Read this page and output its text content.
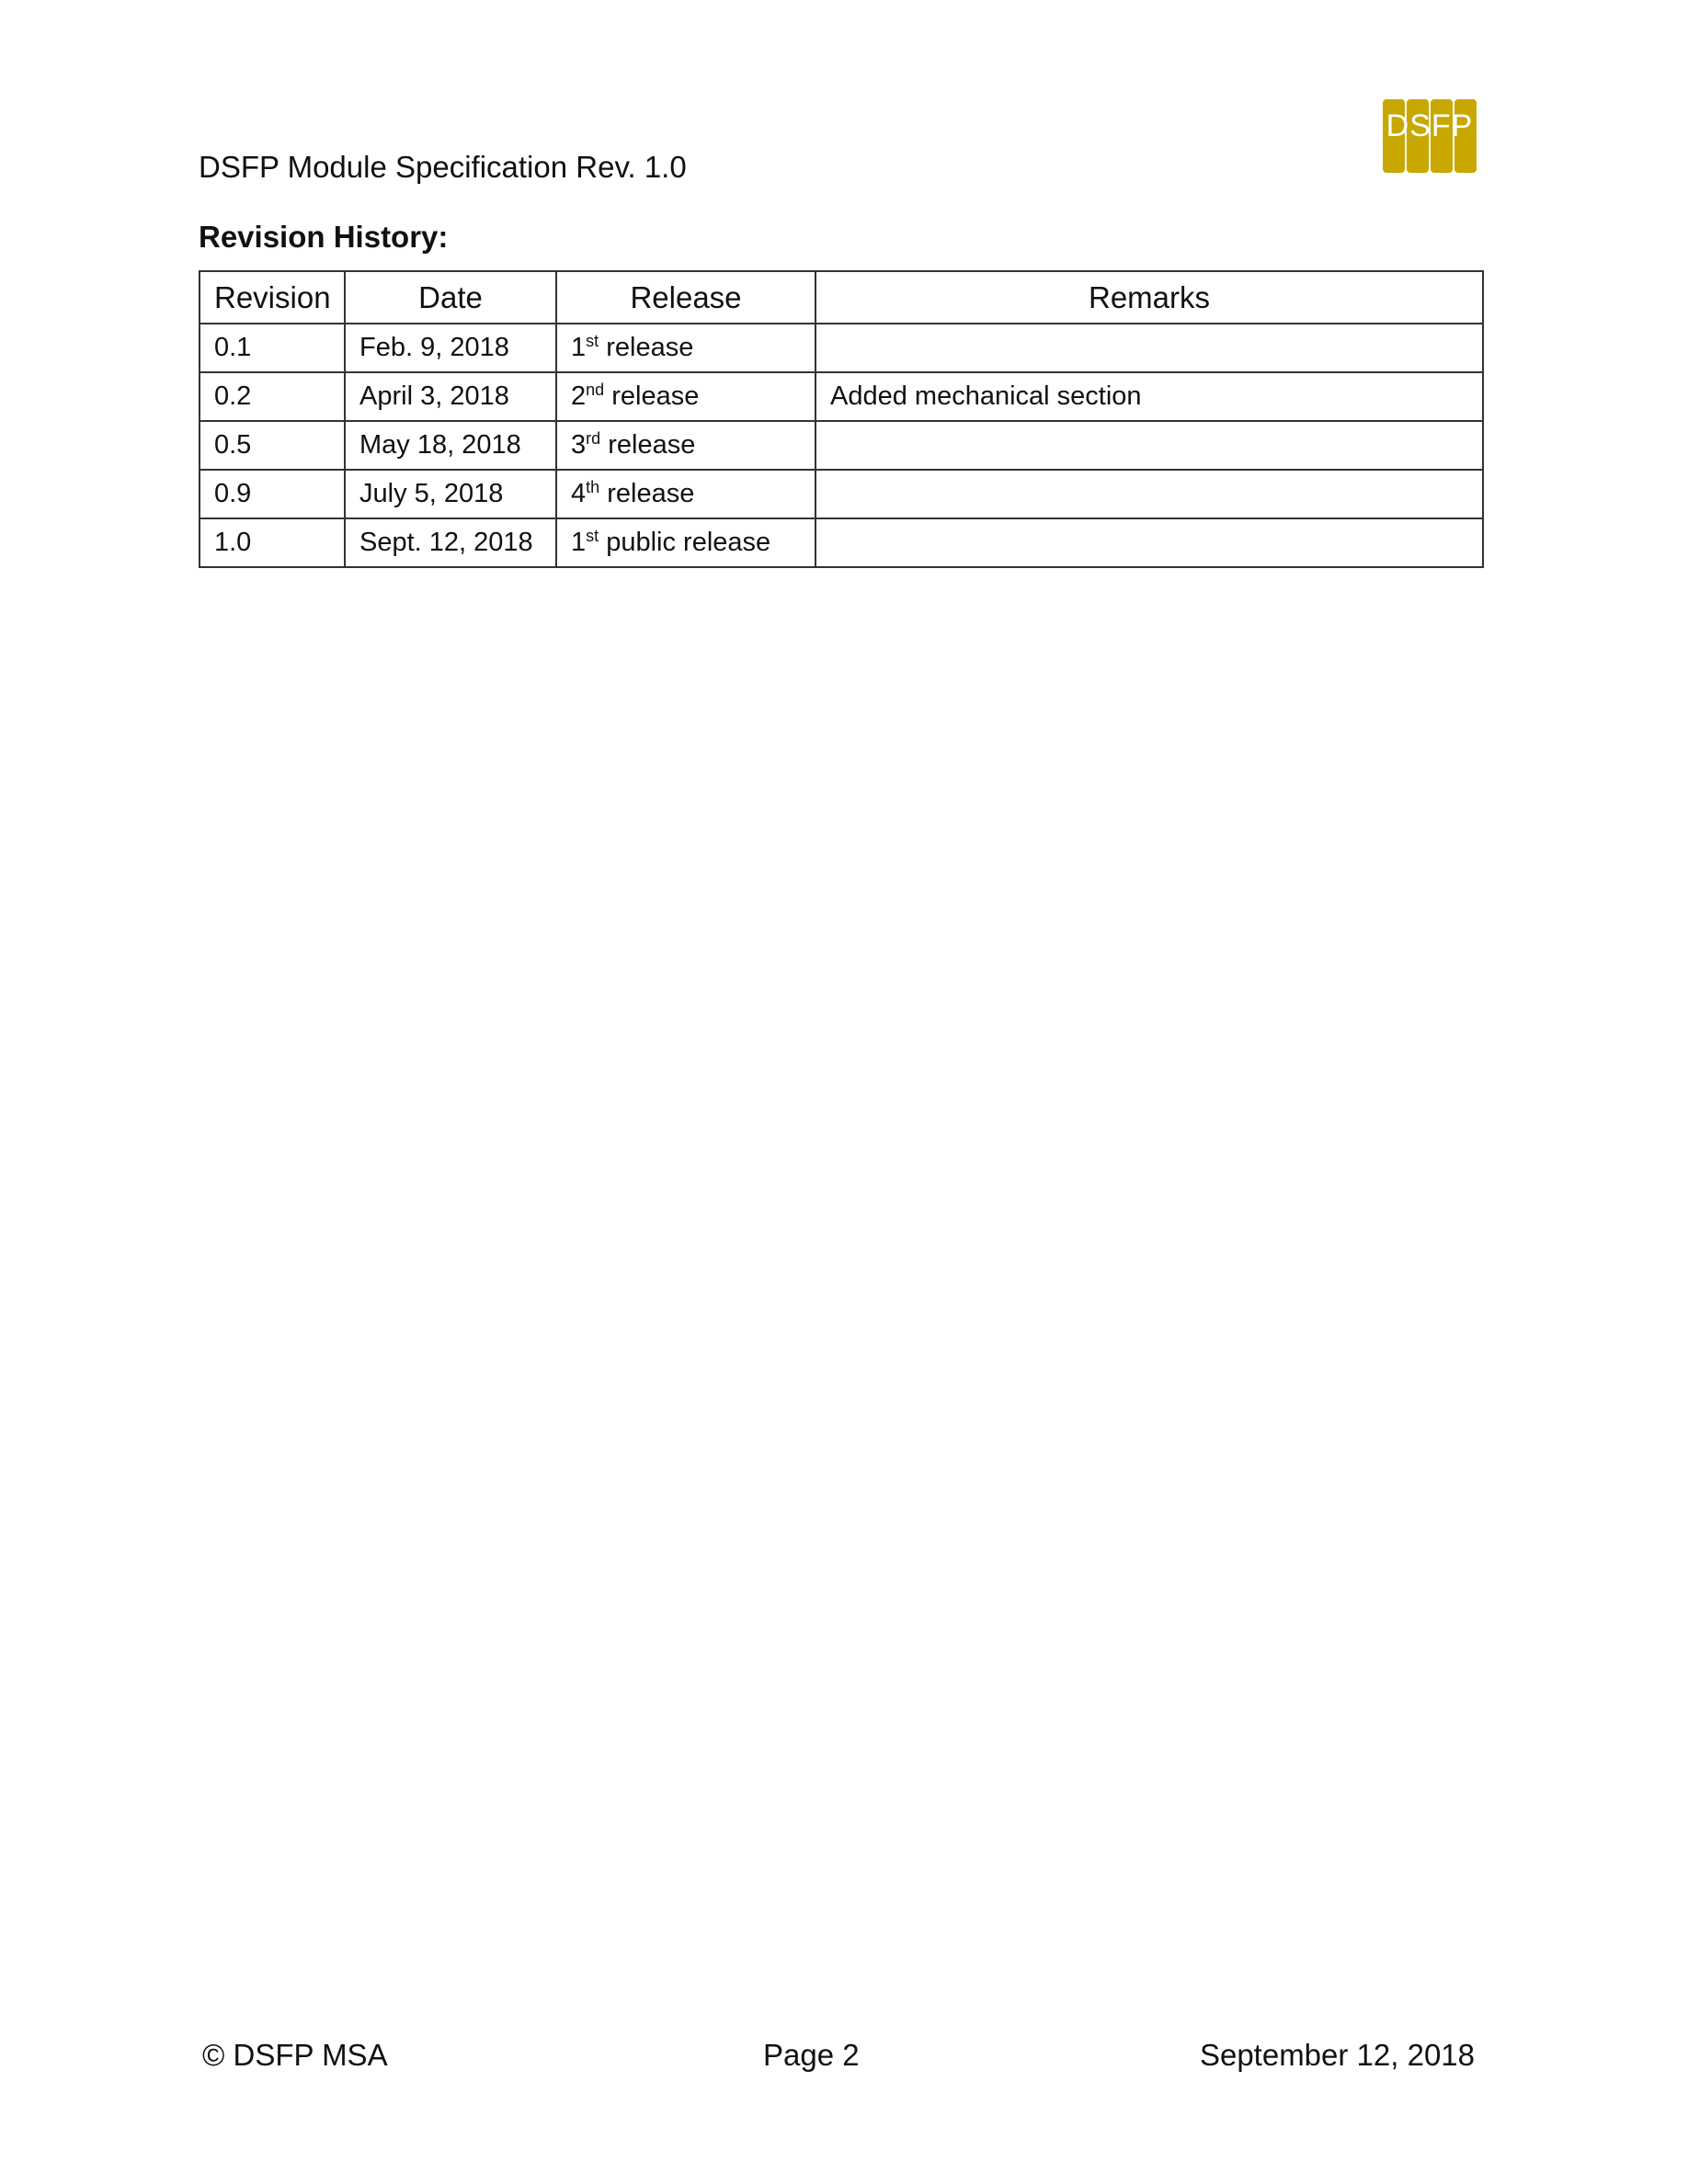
DSFP Module Specification Rev. 1.0
DSFP
Revision History:
Revision	Date	Release	Remarks
0.1	Feb. 9, 2018	1st release	
0.2	April 3, 2018	2nd release	Added mechanical section
0.5	May 18, 2018	3rd release	
0.9	July 5, 2018	4th release	
1.0	Sept. 12, 2018	1st public release	
© DSFP MSA	Page 2	September 12, 2018
